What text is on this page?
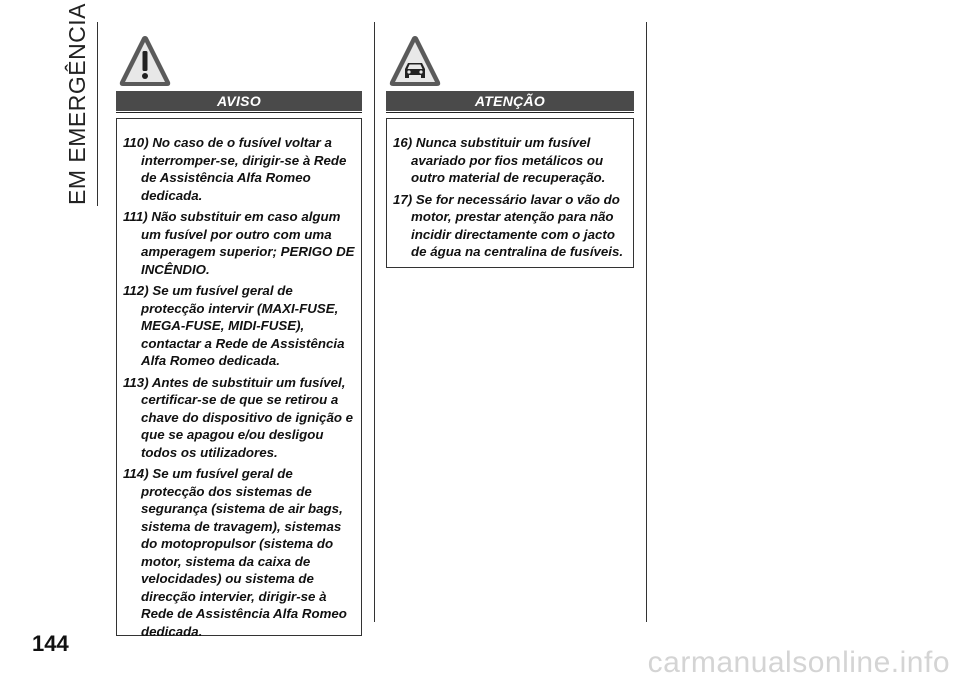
EM EMERGÊNCIA
144
AVISO
110) No caso de o fusível voltar a interromper-se, dirigir-se à Rede de Assistência Alfa Romeo dedicada.
111) Não substituir em caso algum um fusível por outro com uma amperagem superior; PERIGO DE INCÊNDIO.
112) Se um fusível geral de protecção intervir (MAXI-FUSE, MEGA-FUSE, MIDI-FUSE), contactar a Rede de Assistência Alfa Romeo dedicada.
113) Antes de substituir um fusível, certificar-se de que se retirou a chave do dispositivo de ignição e que se apagou e/ou desligou todos os utilizadores.
114) Se um fusível geral de protecção dos sistemas de segurança (sistema de air bags, sistema de travagem), sistemas do motopropulsor (sistema do motor, sistema da caixa de velocidades) ou sistema de direcção intervier, dirigir-se à Rede de Assistência Alfa Romeo dedicada.
ATENÇÃO
16) Nunca substituir um fusível avariado por fios metálicos ou outro material de recuperação.
17) Se for necessário lavar o vão do motor, prestar atenção para não incidir directamente com o jacto de água na centralina de fusíveis.
carmanualsonline.info
